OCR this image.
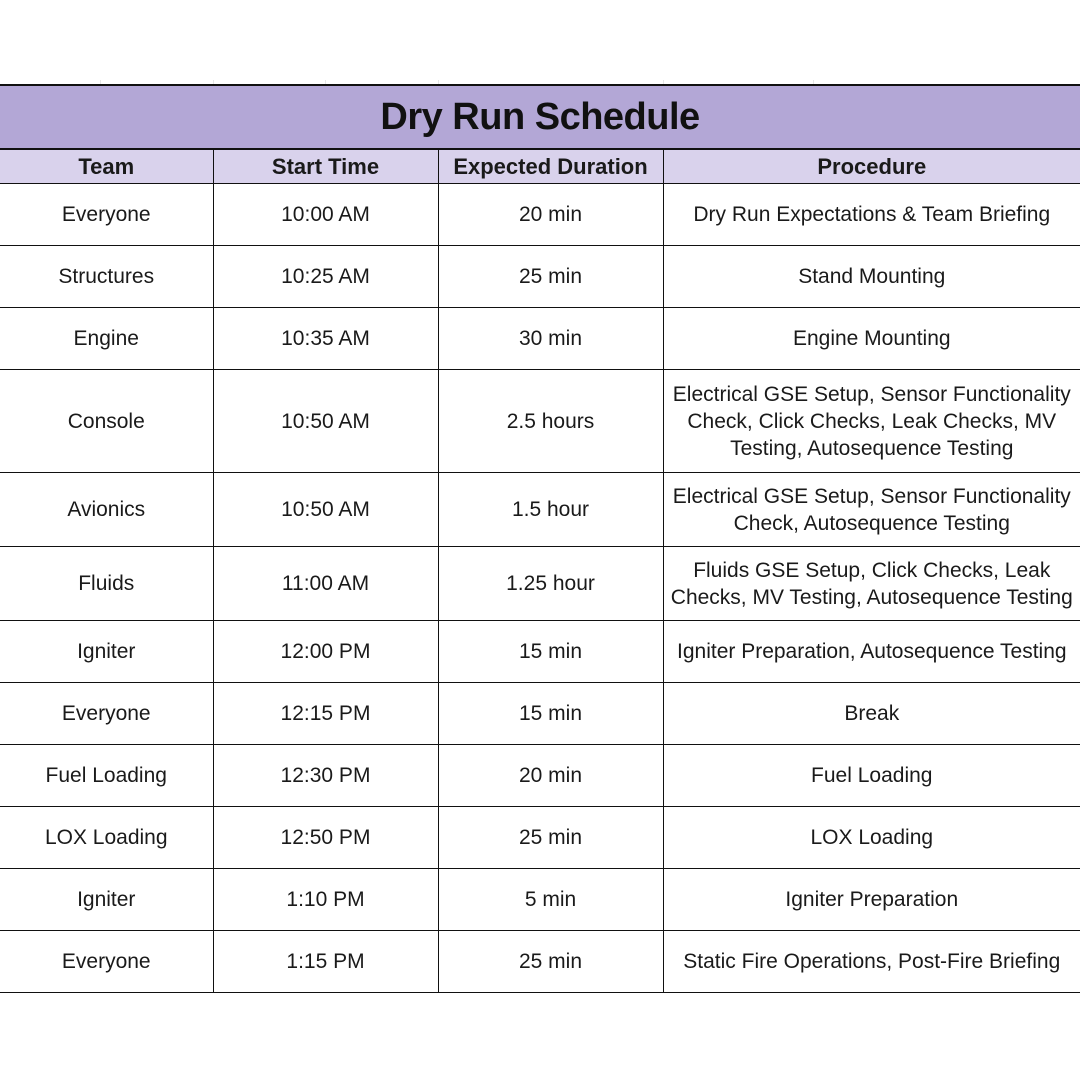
Dry Run Schedule			
Team	Start Time	Expected Duration	Procedure
Everyone	10:00 AM	20 min	Dry Run Expectations & Team Briefing
Structures	10:25 AM	25 min	Stand Mounting
Engine	10:35 AM	30 min	Engine Mounting
Console	10:50 AM	2.5 hours	Electrical GSE Setup, Sensor Functionality Check, Click Checks, Leak Checks, MV Testing, Autosequence Testing
Avionics	10:50 AM	1.5 hour	Electrical GSE Setup, Sensor Functionality Check, Autosequence Testing
Fluids	11:00 AM	1.25 hour	Fluids GSE Setup, Click Checks, Leak Checks, MV Testing, Autosequence Testing
Igniter	12:00 PM	15 min	Igniter Preparation, Autosequence Testing
Everyone	12:15 PM	15 min	Break
Fuel Loading	12:30 PM	20 min	Fuel Loading
LOX Loading	12:50 PM	25 min	LOX Loading
Igniter	1:10 PM	5 min	Igniter Preparation
Everyone	1:15 PM	25 min	Static Fire Operations, Post-Fire Briefing
